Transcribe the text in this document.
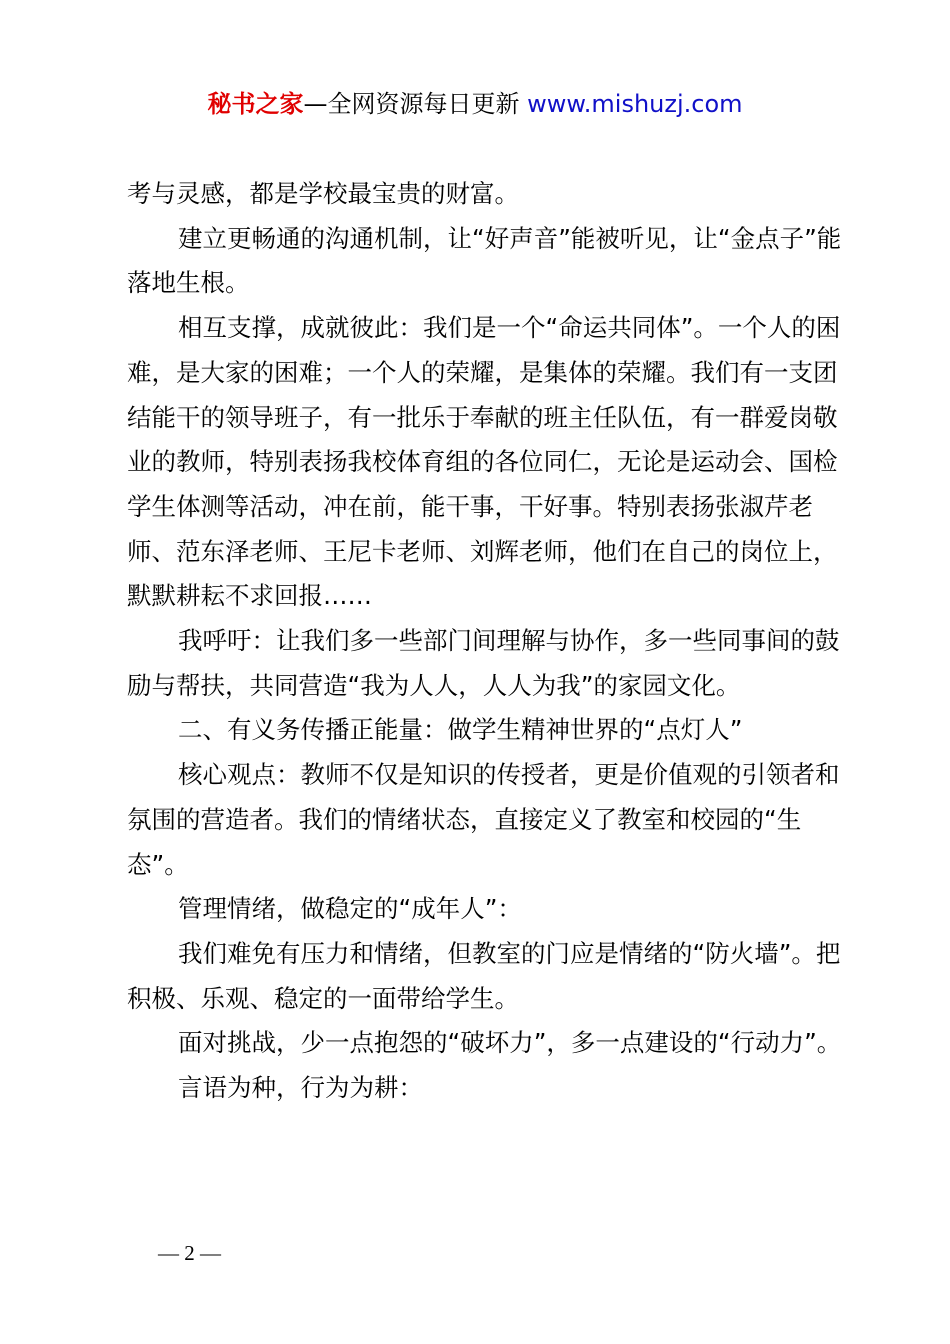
秘书之家—全网资源每日更新 www.mishuzj.com

考与灵感，都是学校最宝贵的财富。

建立更畅通的沟通机制，让“好声音”能被听见，让“金点子”能落地生根。

相互支撑，成就彼此：我们是一个“命运共同体”。一个人的困难，是大家的困难；一个人的荣耀，是集体的荣耀。我们有一支团结能干的领导班子，有一批乐于奉献的班主任队伍，有一群爱岗敬业的教师，特别表扬我校体育组的各位同仁，无论是运动会、国检学生体测等活动，冲在前，能干事，干好事。特别表扬张淑芹老师、范东泽老师、王尼卡老师、刘辉老师，他们在自己的岗位上，默默耕耘不求回报……

我呼吁：让我们多一些部门间理解与协作，多一些同事间的鼓励与帮扶，共同营造“我为人人，人人为我”的家园文化。

二、有义务传播正能量：做学生精神世界的“点灯人”

核心观点：教师不仅是知识的传授者，更是价值观的引领者和氛围的营造者。我们的情绪状态，直接定义了教室和校园的“生态”。

管理情绪，做稳定的“成年人”：

我们难免有压力和情绪，但教室的门应是情绪的“防火墙”。把积极、乐观、稳定的一面带给学生。

面对挑战，少一点抱怨的“破坏力”，多一点建设的“行动力”。

言语为种，行为为耕：

— 2 —
